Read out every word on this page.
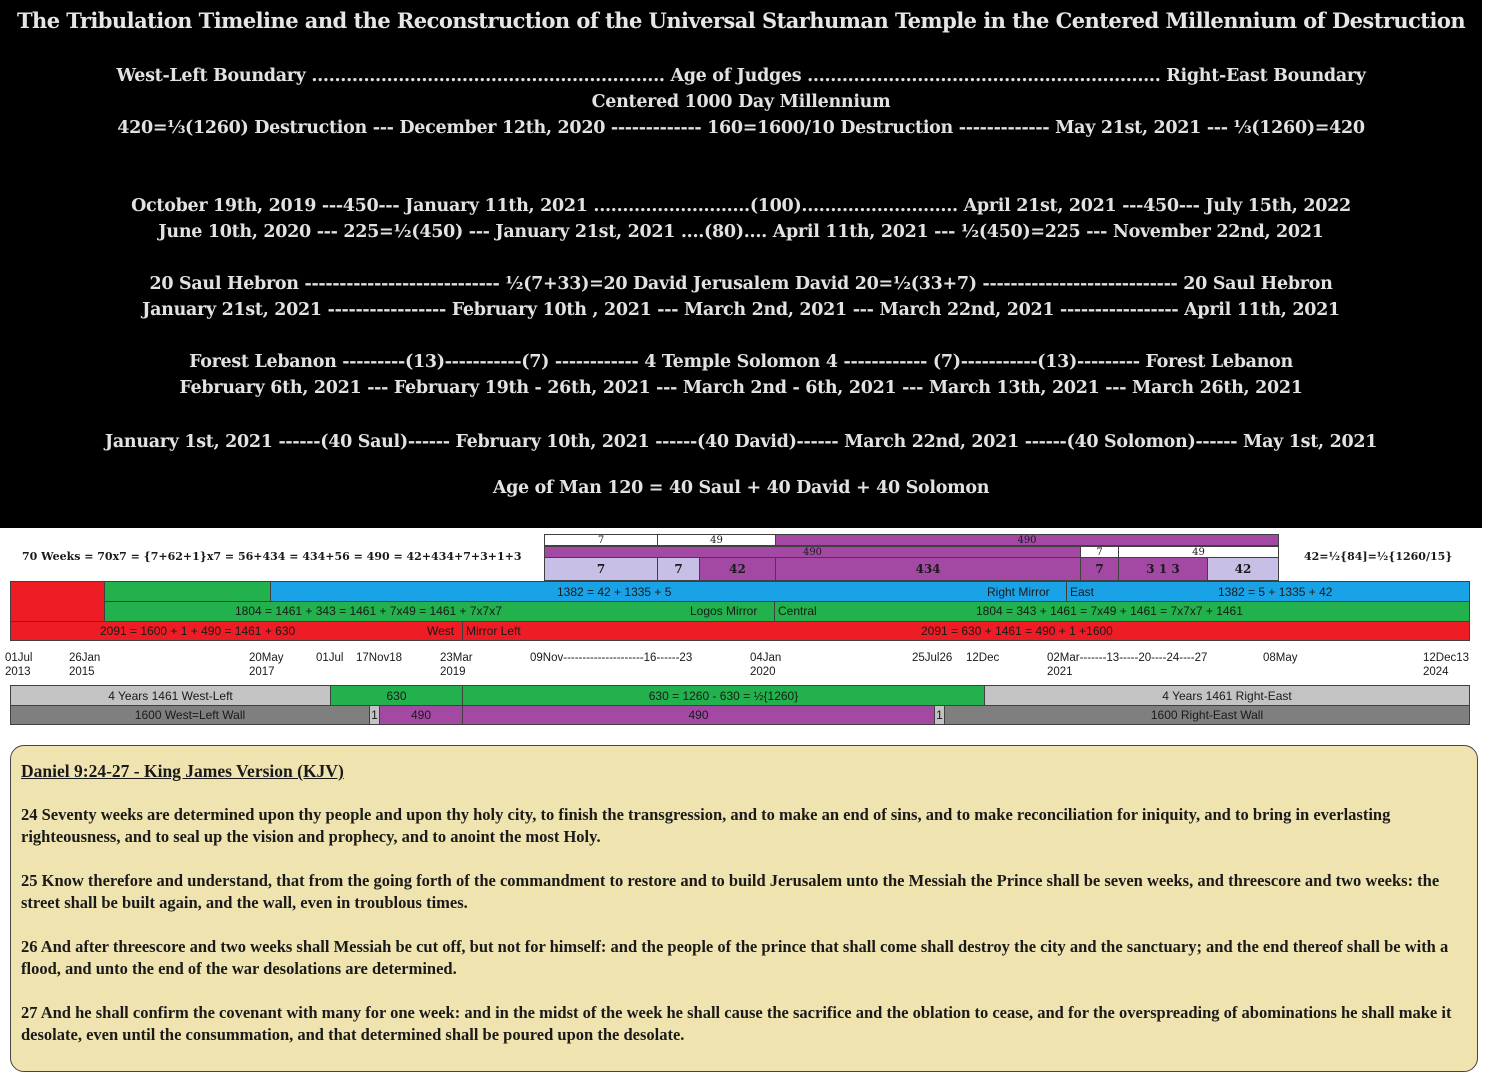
The Tribulation Timeline and the Reconstruction of the Universal Starhuman Temple in the Centered Millennium of Destruction
West-Left Boundary ............................................................. Age of Judges ............................................................. Right-East Boundary
Centered 1000 Day Millennium
420=⅓(1260) Destruction --- December 12th, 2020 ------------- 160=1600/10 Destruction ------------- May 21st, 2021 --- ⅓(1260)=420
October 19th, 2019 ---450--- January 11th, 2021 ...........................(100)........................... April 21st, 2021 ---450--- July 15th, 2022
June 10th, 2020 --- 225=½(450) --- January 21st, 2021 ....(80).... April 11th, 2021 --- ½(450)=225 --- November 22nd, 2021
20 Saul Hebron ---------------------------- ½(7+33)=20 David Jerusalem David 20=½(33+7) ---------------------------- 20 Saul Hebron
January 21st, 2021 ----------------- February 10th , 2021 --- March 2nd, 2021 --- March 22nd, 2021 ----------------- April 11th, 2021
Forest Lebanon ---------(13)-----------(7) ------------ 4 Temple Solomon 4 ------------ (7)-----------(13)--------- Forest Lebanon
February 6th, 2021 --- February 19th - 26th, 2021 --- March 2nd - 6th, 2021 --- March 13th, 2021 --- March 26th, 2021
January 1st, 2021 ------(40 Saul)------ February 10th, 2021 ------(40 David)------ March 22nd, 2021 ------(40 Solomon)------ May 1st, 2021
Age of Man 120 = 40 Saul + 40 David + 40 Solomon
70 Weeks = 70x7 = {7+62+1}x7 = 56+434 = 434+56 = 490 = 42+434+7+3+1+3	42=½{84]=½{1260/15}
7	49	490
490	7	49
7	7	42	434	7	3 1 3	42
1382 = 42 + 1335 + 5	Right Mirror East	1382 = 5 + 1335 + 42
1804 = 1461 + 343 = 1461 + 7x49 = 1461 + 7x7x7	Logos Mirror Central	1804 = 343 + 1461 = 7x49 + 1461 = 7x7x7 + 1461
2091 = 1600 + 1 + 490 = 1461 + 630	West Mirror Left	2091 = 630 + 1461 = 490 + 1 +1600
01Jul
2013
26Jan
2015
20May
2017
01Jul 17Nov18	23Mar
2019
09Nov---------------------16------23	04Jan
2020
25Jul26 12Dec	02Mar-------13-----20----24----27
2021
08May	12Dec13
2024
4 Years 1461 West-Left	630	630 = 1260 - 630 = ½{1260}	4 Years 1461 Right-East
1600 West=Left Wall	1	490	490	1	1600 Right-East Wall
Daniel 9:24-27 - King James Version (KJV)

24 Seventy weeks are determined upon thy people and upon thy holy city, to finish the transgression, and to make an end of sins, and to make reconciliation for iniquity, and to bring in everlasting righteousness, and to seal up the vision and prophecy, and to anoint the most Holy.

25 Know therefore and understand, that from the going forth of the commandment to restore and to build Jerusalem unto the Messiah the Prince shall be seven weeks, and threescore and two weeks: the street shall be built again, and the wall, even in troublous times.

26 And after threescore and two weeks shall Messiah be cut off, but not for himself: and the people of the prince that shall come shall destroy the city and the sanctuary; and the end thereof shall be with a flood, and unto the end of the war desolations are determined.

27 And he shall confirm the covenant with many for one week: and in the midst of the week he shall cause the sacrifice and the oblation to cease, and for the overspreading of abominations he shall make it desolate, even until the consummation, and that determined shall be poured upon the desolate.
